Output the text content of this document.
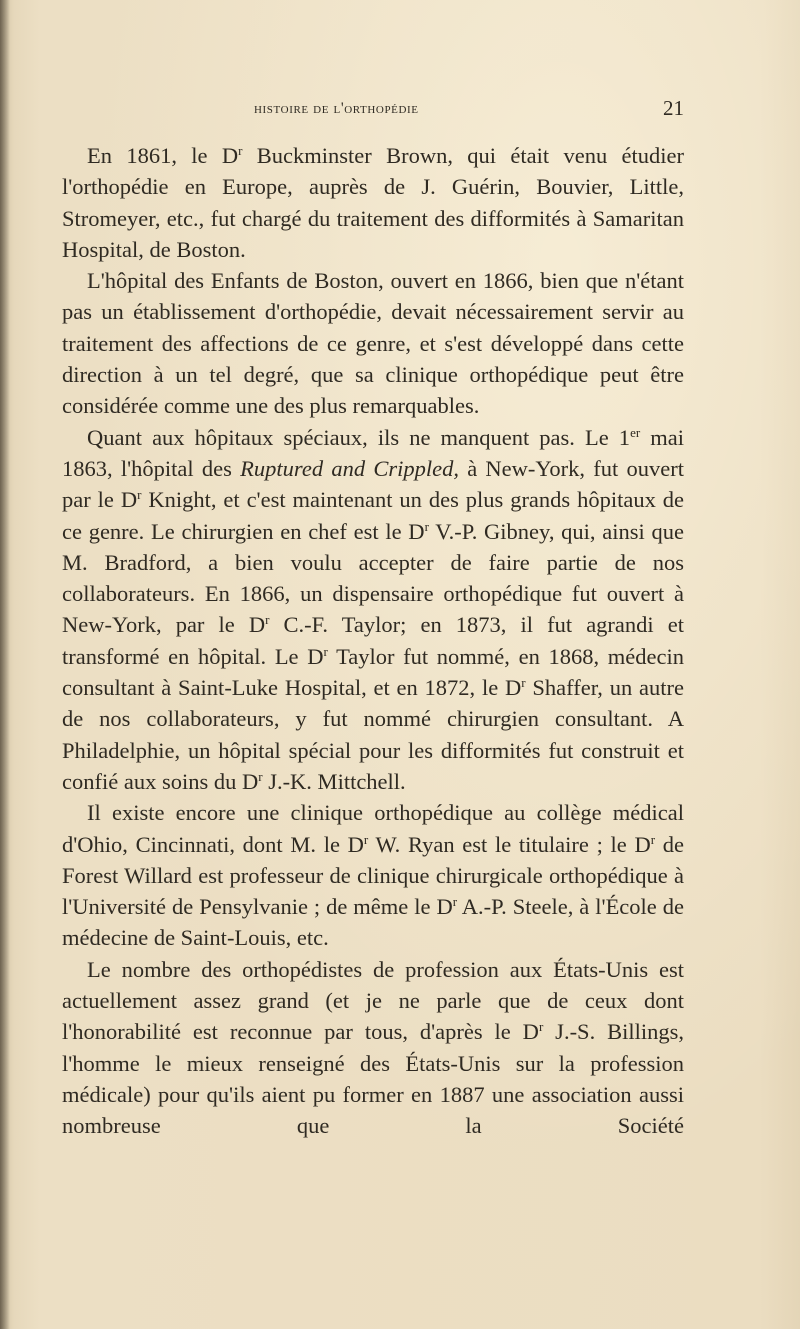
histoire de l'orthopédie	21

En 1861, le $D^r$ Buckminster Brown, qui était venu étudier l'orthopédie en Europe, auprès de J. Guérin, Bouvier, Little, Stromeyer, etc., fut chargé du traitement des difformités à Samaritan Hospital, de Boston.

L'hôpital des Enfants de Boston, ouvert en 1866, bien que n'étant pas un établissement d'orthopédie, devait nécessairement servir au traitement des affections de ce genre, et s'est développé dans cette direction à un tel degré, que sa clinique orthopédique peut être considérée comme une des plus remarquables.

Quant aux hôpitaux spéciaux, ils ne manquent pas. Le 1er mai 1863, l'hôpital des Ruptured and Crippled, à New-York, fut ouvert par le $D^r$ Knight, et c'est maintenant un des plus grands hôpitaux de ce genre. Le chirurgien en chef est le $D^r$ V.-P. Gibney, qui, ainsi que M. Bradford, a bien voulu accepter de faire partie de nos collaborateurs. En 1866, un dispensaire orthopédique fut ouvert à New-York, par le $D^r$ C.-F. Taylor; en 1873, il fut agrandi et transformé en hôpital. Le $D^r$ Taylor fut nommé, en 1868, médecin consultant à Saint-Luke Hospital, et en 1872, le $D^r$ Shaffer, un autre de nos collaborateurs, y fut nommé chirurgien consultant. A Philadelphie, un hôpital spécial pour les difformités fut construit et confié aux soins du $D^r$ J.-K. Mittchell.

Il existe encore une clinique orthopédique au collège médical d'Ohio, Cincinnati, dont M. le $D^r$ W. Ryan est le titulaire ; le $D^r$ de Forest Willard est professeur de clinique chirurgicale orthopédique à l'Université de Pensylvanie ; de même le $D^r$ A.-P. Steele, à l'École de médecine de Saint-Louis, etc.

Le nombre des orthopédistes de profession aux États-Unis est actuellement assez grand (et je ne parle que de ceux dont l'honorabilité est reconnue par tous, d'après le $D^r$ J.-S. Billings, l'homme le mieux renseigné des États-Unis sur la profession médicale) pour qu'ils aient pu former en 1887 une association aussi nombreuse que la Société
